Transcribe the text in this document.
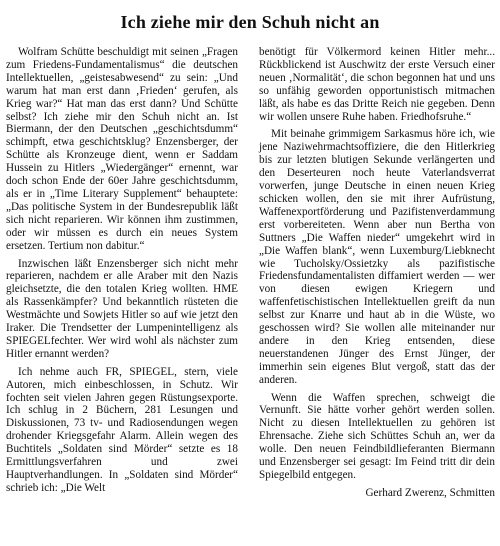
Ich ziehe mir den Schuh nicht an

Wolfram Schütte beschuldigt mit seinen „Fragen zum Friedens-Fundamentalismus“ die deutschen Intellektuellen, „geistesabwesend“ zu sein: „Und warum hat man erst dann ‚Frieden‘ gerufen, als Krieg war?“ Hat man das erst dann? Und Schütte selbst? Ich ziehe mir den Schuh nicht an. Ist Biermann, der den Deutschen „geschichtsdumm“ schimpft, etwa geschichtsklug? Enzensberger, der Schütte als Kronzeuge dient, wenn er Saddam Hussein zu Hitlers „Wiedergänger“ ernennt, war doch schon Ende der 60er Jahre geschichtsdumm, als er in „Time Literary Supplement“ behauptete: „Das politische System in der Bundesrepublik läßt sich nicht reparieren. Wir können ihm zustimmen, oder wir müssen es durch ein neues System ersetzen. Tertium non dabitur.“

Inzwischen läßt Enzensberger sich nicht mehr reparieren, nachdem er alle Araber mit den Nazis gleichsetzte, die den totalen Krieg wollten. HME als Rassenkämpfer? Und bekanntlich rüsteten die Westmächte und Sowjets Hitler so auf wie jetzt den Iraker. Die Trendsetter der Lumpenintelligenz als SPIEGELfechter. Wer wird wohl als nächster zum Hitler ernannt werden?

Ich nehme auch FR, SPIEGEL, stern, viele Autoren, mich einbeschlossen, in Schutz. Wir fochten seit vielen Jahren gegen Rüstungsexporte. Ich schlug in 2 Büchern, 281 Lesungen und Diskussionen, 73 tv- und Radiosendungen wegen drohender Kriegsgefahr Alarm. Allein wegen des Buchtitels „Soldaten sind Mörder“ setzte es 18 Ermittlungsverfahren und zwei Hauptverhandlungen. In „Soldaten sind Mörder“ schrieb ich: „Die Welt

benötigt für Völkermord keinen Hitler mehr... Rückblickend ist Auschwitz der erste Versuch einer neuen ‚Normalität‘, die schon begonnen hat und uns so unfähig geworden opportunistisch mitmachen läßt, als habe es das Dritte Reich nie gegeben. Denn wir wollen unsere Ruhe haben. Friedhofsruhe.“

Mit beinahe grimmigem Sarkasmus höre ich, wie jene Naziwehrmachtsoffiziere, die den Hitlerkrieg bis zur letzten blutigen Sekunde verlängerten und den Deserteuren noch heute Vaterlandsverrat vorwerfen, junge Deutsche in einen neuen Krieg schicken wollen, den sie mit ihrer Aufrüstung, Waffenexportförderung und Pazifistenverdammung erst vorbereiteten. Wenn aber nun Bertha von Suttners „Die Waffen nieder“ umgekehrt wird in „Die Waffen blank“, wenn Luxemburg/Liebknecht wie Tucholsky/Ossietzky als pazifistische Friedensfundamentalisten diffamiert werden — wer von diesen ewigen Kriegern und waffenfetischistischen Intellektuellen greift da nun selbst zur Knarre und haut ab in die Wüste, wo geschossen wird? Sie wollen alle miteinander nur andere in den Krieg entsenden, diese neuerstandenen Jünger des Ernst Jünger, der immerhin sein eigenes Blut vergoß, statt das der anderen.

Wenn die Waffen sprechen, schweigt die Vernunft. Sie hätte vorher gehört werden sollen. Nicht zu diesen Intellektuellen zu gehören ist Ehrensache. Ziehe sich Schüttes Schuh an, wer da wolle. Den neuen Feindbildlieferanten Biermann und Enzensberger sei gesagt: Im Feind tritt dir dein Spiegelbild entgegen.

Gerhard Zwerenz, Schmitten
